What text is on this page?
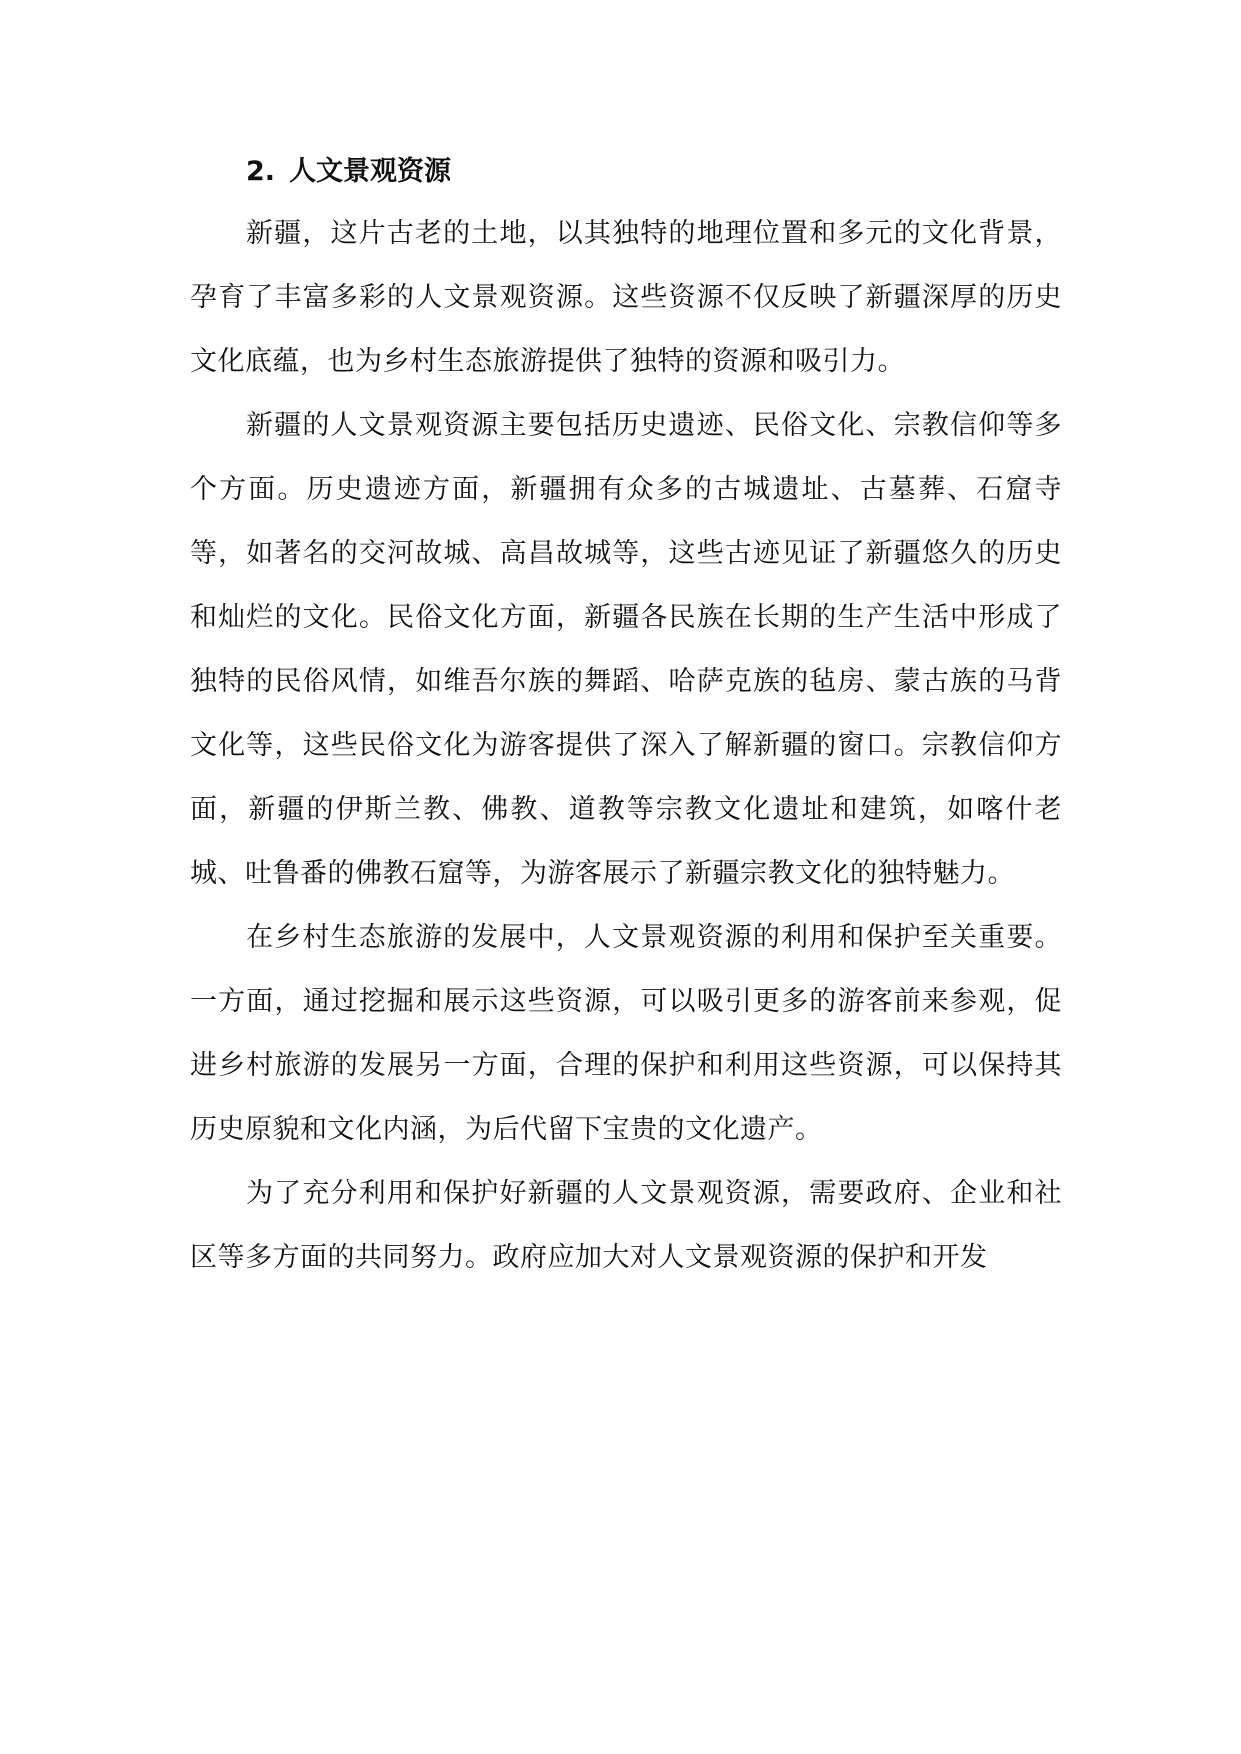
2. 人文景观资源

新疆，这片古老的土地，以其独特的地理位置和多元的文化背景，孕育了丰富多彩的人文景观资源。这些资源不仅反映了新疆深厚的历史文化底蕴，也为乡村生态旅游提供了独特的资源和吸引力。

新疆的人文景观资源主要包括历史遗迹、民俗文化、宗教信仰等多个方面。历史遗迹方面，新疆拥有众多的古城遗址、古墓葬、石窟寺等，如著名的交河故城、高昌故城等，这些古迹见证了新疆悠久的历史和灿烂的文化。民俗文化方面，新疆各民族在长期的生产生活中形成了独特的民俗风情，如维吾尔族的舞蹈、哈萨克族的毡房、蒙古族的马背文化等，这些民俗文化为游客提供了深入了解新疆的窗口。宗教信仰方面，新疆的伊斯兰教、佛教、道教等宗教文化遗址和建筑，如喀什老城、吐鲁番的佛教石窟等，为游客展示了新疆宗教文化的独特魅力。

在乡村生态旅游的发展中，人文景观资源的利用和保护至关重要。一方面，通过挖掘和展示这些资源，可以吸引更多的游客前来参观，促进乡村旅游的发展另一方面，合理的保护和利用这些资源，可以保持其历史原貌和文化内涵，为后代留下宝贵的文化遗产。

为了充分利用和保护好新疆的人文景观资源，需要政府、企业和社区等多方面的共同努力。政府应加大对人文景观资源的保护和开发
